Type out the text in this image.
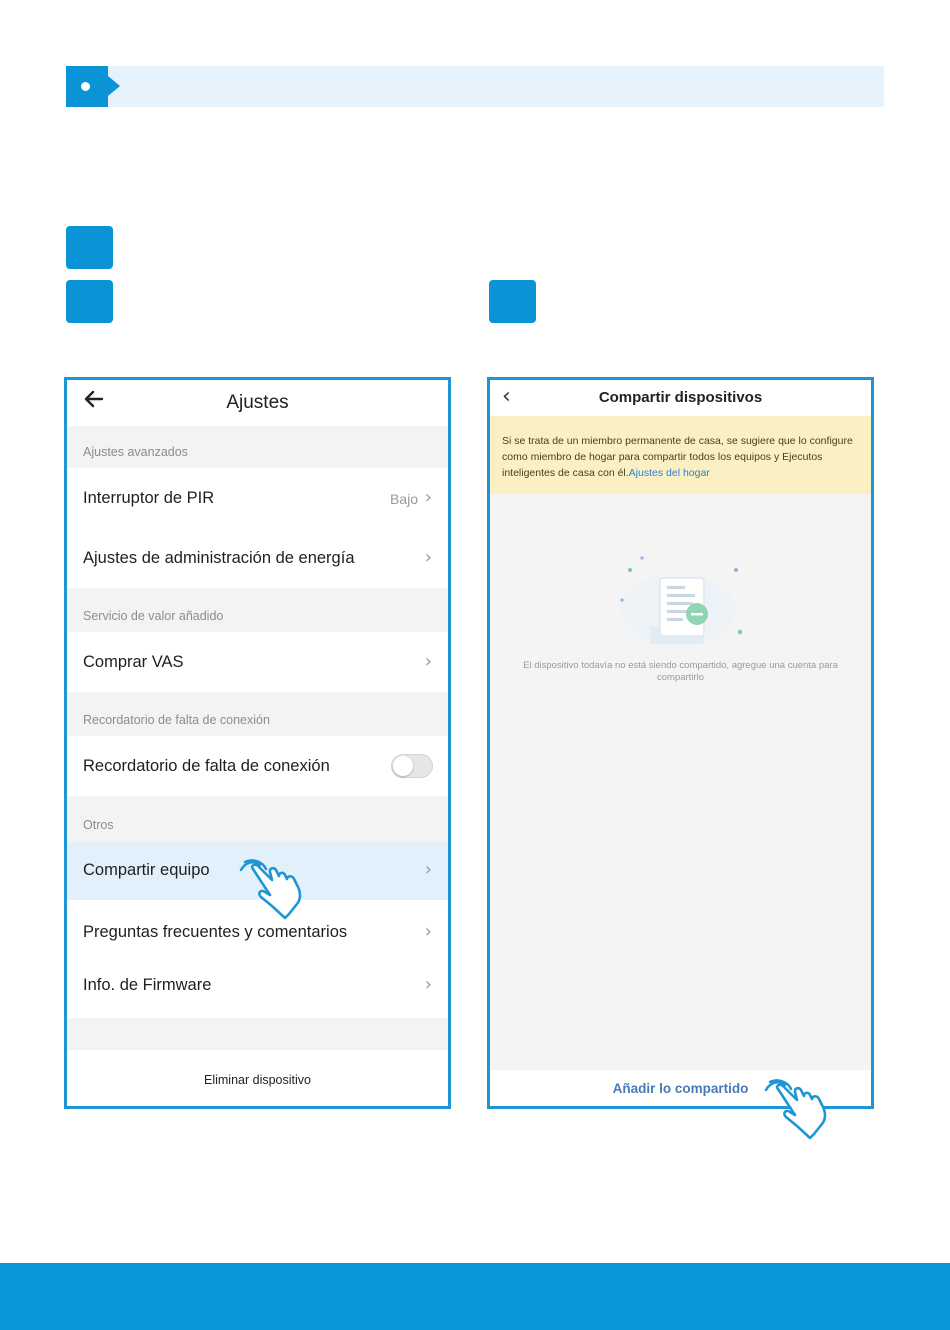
Ajustes
Ajustes avanzados
Interruptor de PIR	Bajo ›
Ajustes de administración de energía	›
Servicio de valor añadido
Comprar VAS	›
Recordatorio de falta de conexión
Recordatorio de falta de conexión
Otros
Compartir equipo	›
Preguntas frecuentes y comentarios	›
Info. de Firmware	›
Eliminar dispositivo
‹	Compartir dispositivos
Si se trata de un miembro permanente de casa, se sugiere que lo configure como miembro de hogar para compartir todos los equipos y Ejecutos inteligentes de casa con él.Ajustes del hogar
El dispositivo todavía no está siendo compartido, agregue una cuenta para compartirlo
Añadir lo compartido
